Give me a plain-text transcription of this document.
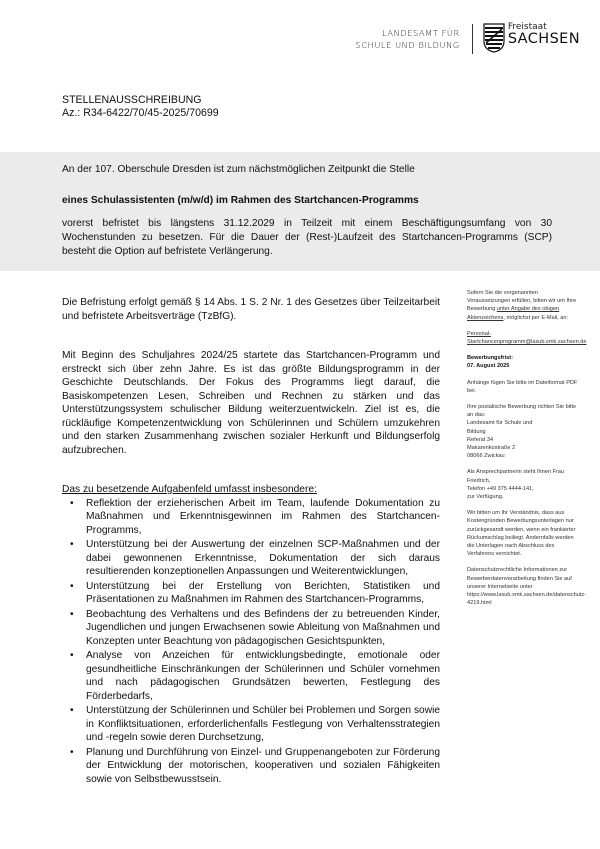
LANDESAMT FÜR
SCHULE UND BILDUNG
Freistaat
SACHSEN
STELLENAUSSCHREIBUNG
Az.: R34-6422/70/45-2025/70699
An der 107. Oberschule Dresden ist zum nächstmöglichen Zeitpunkt die Stelle
eines Schulassistenten (m/w/d) im Rahmen des Startchancen-Programms
vorerst befristet bis längstens 31.12.2029 in Teilzeit mit einem Beschäftigungsumfang von 30 Wochenstunden zu besetzen. Für die Dauer der (Rest-)Laufzeit des Startchancen-Programms (SCP) besteht die Option auf befristete Verlängerung.

Die Befristung erfolgt gemäß § 14 Abs. 1 S. 2 Nr. 1 des Gesetzes über Teilzeitarbeit und befristete Arbeitsverträge (TzBfG).

Mit Beginn des Schuljahres 2024/25 startete das Startchancen-Programm und erstreckt sich über zehn Jahre. Es ist das größte Bildungsprogramm in der Geschichte Deutschlands. Der Fokus des Programms liegt darauf, die Basiskompetenzen Lesen, Schreiben und Rechnen zu stärken und das Unterstützungssystem schulischer Bildung weiterzuentwickeln. Ziel ist es, die rückläufige Kompetenzentwicklung von Schülerinnen und Schülern umzukehren und den starken Zusammenhang zwischen sozialer Herkunft und Bildungserfolg aufzubrechen.

Das zu besetzende Aufgabenfeld umfasst insbesondere:

• Reflektion der erzieherischen Arbeit im Team, laufende Dokumentation zu Maßnahmen und Erkenntnisgewinnen im Rahmen des Startchancen-Programms,
• Unterstützung bei der Auswertung der einzelnen SCP-Maßnahmen und der dabei gewonnenen Erkenntnisse, Dokumentation der sich daraus resultierenden konzeptionellen Anpassungen und Weiterentwicklungen,
• Unterstützung bei der Erstellung von Berichten, Statistiken und Präsentationen zu Maßnahmen im Rahmen des Startchancen-Programms,
• Beobachtung des Verhaltens und des Befindens der zu betreuenden Kinder, Jugendlichen und jungen Erwachsenen sowie Ableitung von Maßnahmen und Konzepten unter Beachtung von pädagogischen Gesichtspunkten,
• Analyse von Anzeichen für entwicklungsbedingte, emotionale oder gesundheitliche Einschränkungen der Schülerinnen und Schüler vornehmen und nach pädagogischen Grundsätzen bewerten, Festlegung des Förderbedarfs,
• Unterstützung der Schülerinnen und Schüler bei Problemen und Sorgen sowie in Konfliktsituationen, erforderlichenfalls Festlegung von Verhaltensstrategien und -regeln sowie deren Durchsetzung,
• Planung und Durchführung von Einzel- und Gruppenangeboten zur Förderung der Entwicklung der motorischen, kooperativen und sozialen Fähigkeiten sowie von Selbstbewusstsein.

Sofern Sie die vorgenannten Voraussetzungen erfüllen, bitten wir um Ihre Bewerbung unter Angabe des obigen Aktenzeichens, möglichst per E-Mail, an:

Personal-Startchancenprogramm@lasub.smk.sachsen.de

Bewerbungsfrist:
07. August 2025

Anhänge fügen Sie bitte im Dateiformat PDF bei.

Ihre postalische Bewerbung richten Sie bitte an das:
Landesamt für Schule und
Bildung
Referat 34
Makarenkostraße 2
08066 Zwickau

Als Ansprechpartnerin steht Ihnen Frau Friedrich,
Telefon +49 375 4444-141,
zur Verfügung.

Wir bitten um Ihr Verständnis, dass aus Kostengründen Bewerbungsunterlagen nur zurückgesandt werden, wenn ein frankierter Rückumschlag beiliegt. Andernfalls werden die Unterlagen nach Abschluss des Verfahrens vernichtet.

Datenschutzrechtliche Informationen zur Bewerberdatenverarbeitung finden Sie auf unserer Internetseite unter https://www.lasub.smk.sachsen.de/datenschutz-4219.html
